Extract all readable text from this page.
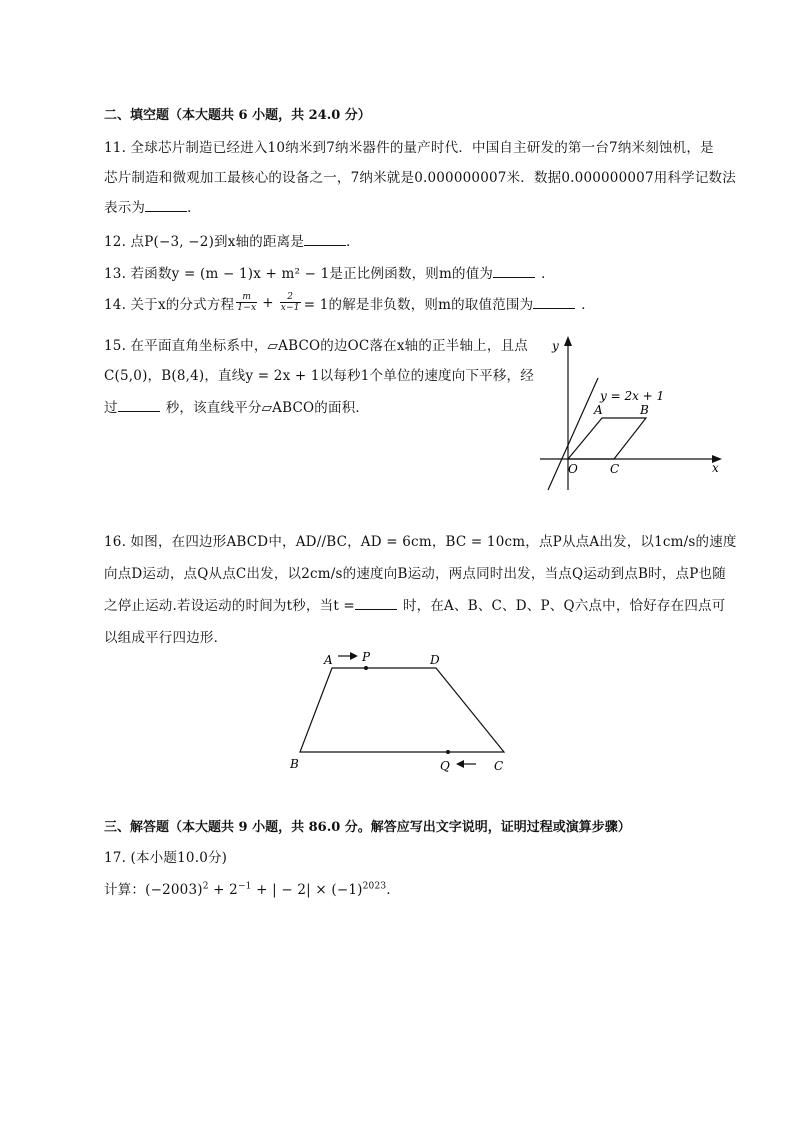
二、填空题（本大题共 6 小题，共 24.0 分）
11. 全球芯片制造已经进入10纳米到7纳米器件的量产时代．中国自主研发的第一台7纳米刻蚀机，是
芯片制造和微观加工最核心的设备之一，7纳米就是0.000000007米．数据0.000000007用科学记数法
表示为	．
12. 点P(−3, −2)到x轴的距离是	．
13. 若函数y = (m − 1)x + m² − 1是正比例函数，则m的值为	．
14. 关于x的分式方程 $\frac{m}{1-x} + \frac{2}{x-1} = 1$的解是非负数，则m的取值范围为	．
15. 在平面直角坐标系中，▱ABCO的边OC落在x轴的正半轴上，且点
C(5,0)，B(8,4)，直线y = 2x + 1以每秒1个单位的速度向下平移，经
过	秒，该直线平分▱ABCO的面积．
y
x
y = 2x + 1
A	B
O	C
16. 如图，在四边形ABCD中，AD//BC，AD = 6cm，BC = 10cm，点P从点A出发，以1cm/s的速度
向点D运动，点Q从点C出发，以2cm/s的速度向B运动，两点同时出发，当点Q运动到点B时，点P也随
之停止运动.若设运动的时间为t秒，当t =	时，在A、B、C、D、P、Q六点中，恰好存在四点可
以组成平行四边形．
A P	D
B	Q	C
三、解答题（本大题共 9 小题，共 86.0 分。解答应写出文字说明，证明过程或演算步骤）
17. (本小题10.0分)
计算：$(-2003)^2 + 2^{-1}$ + | − $2| \times (-1)^{2023}$．
